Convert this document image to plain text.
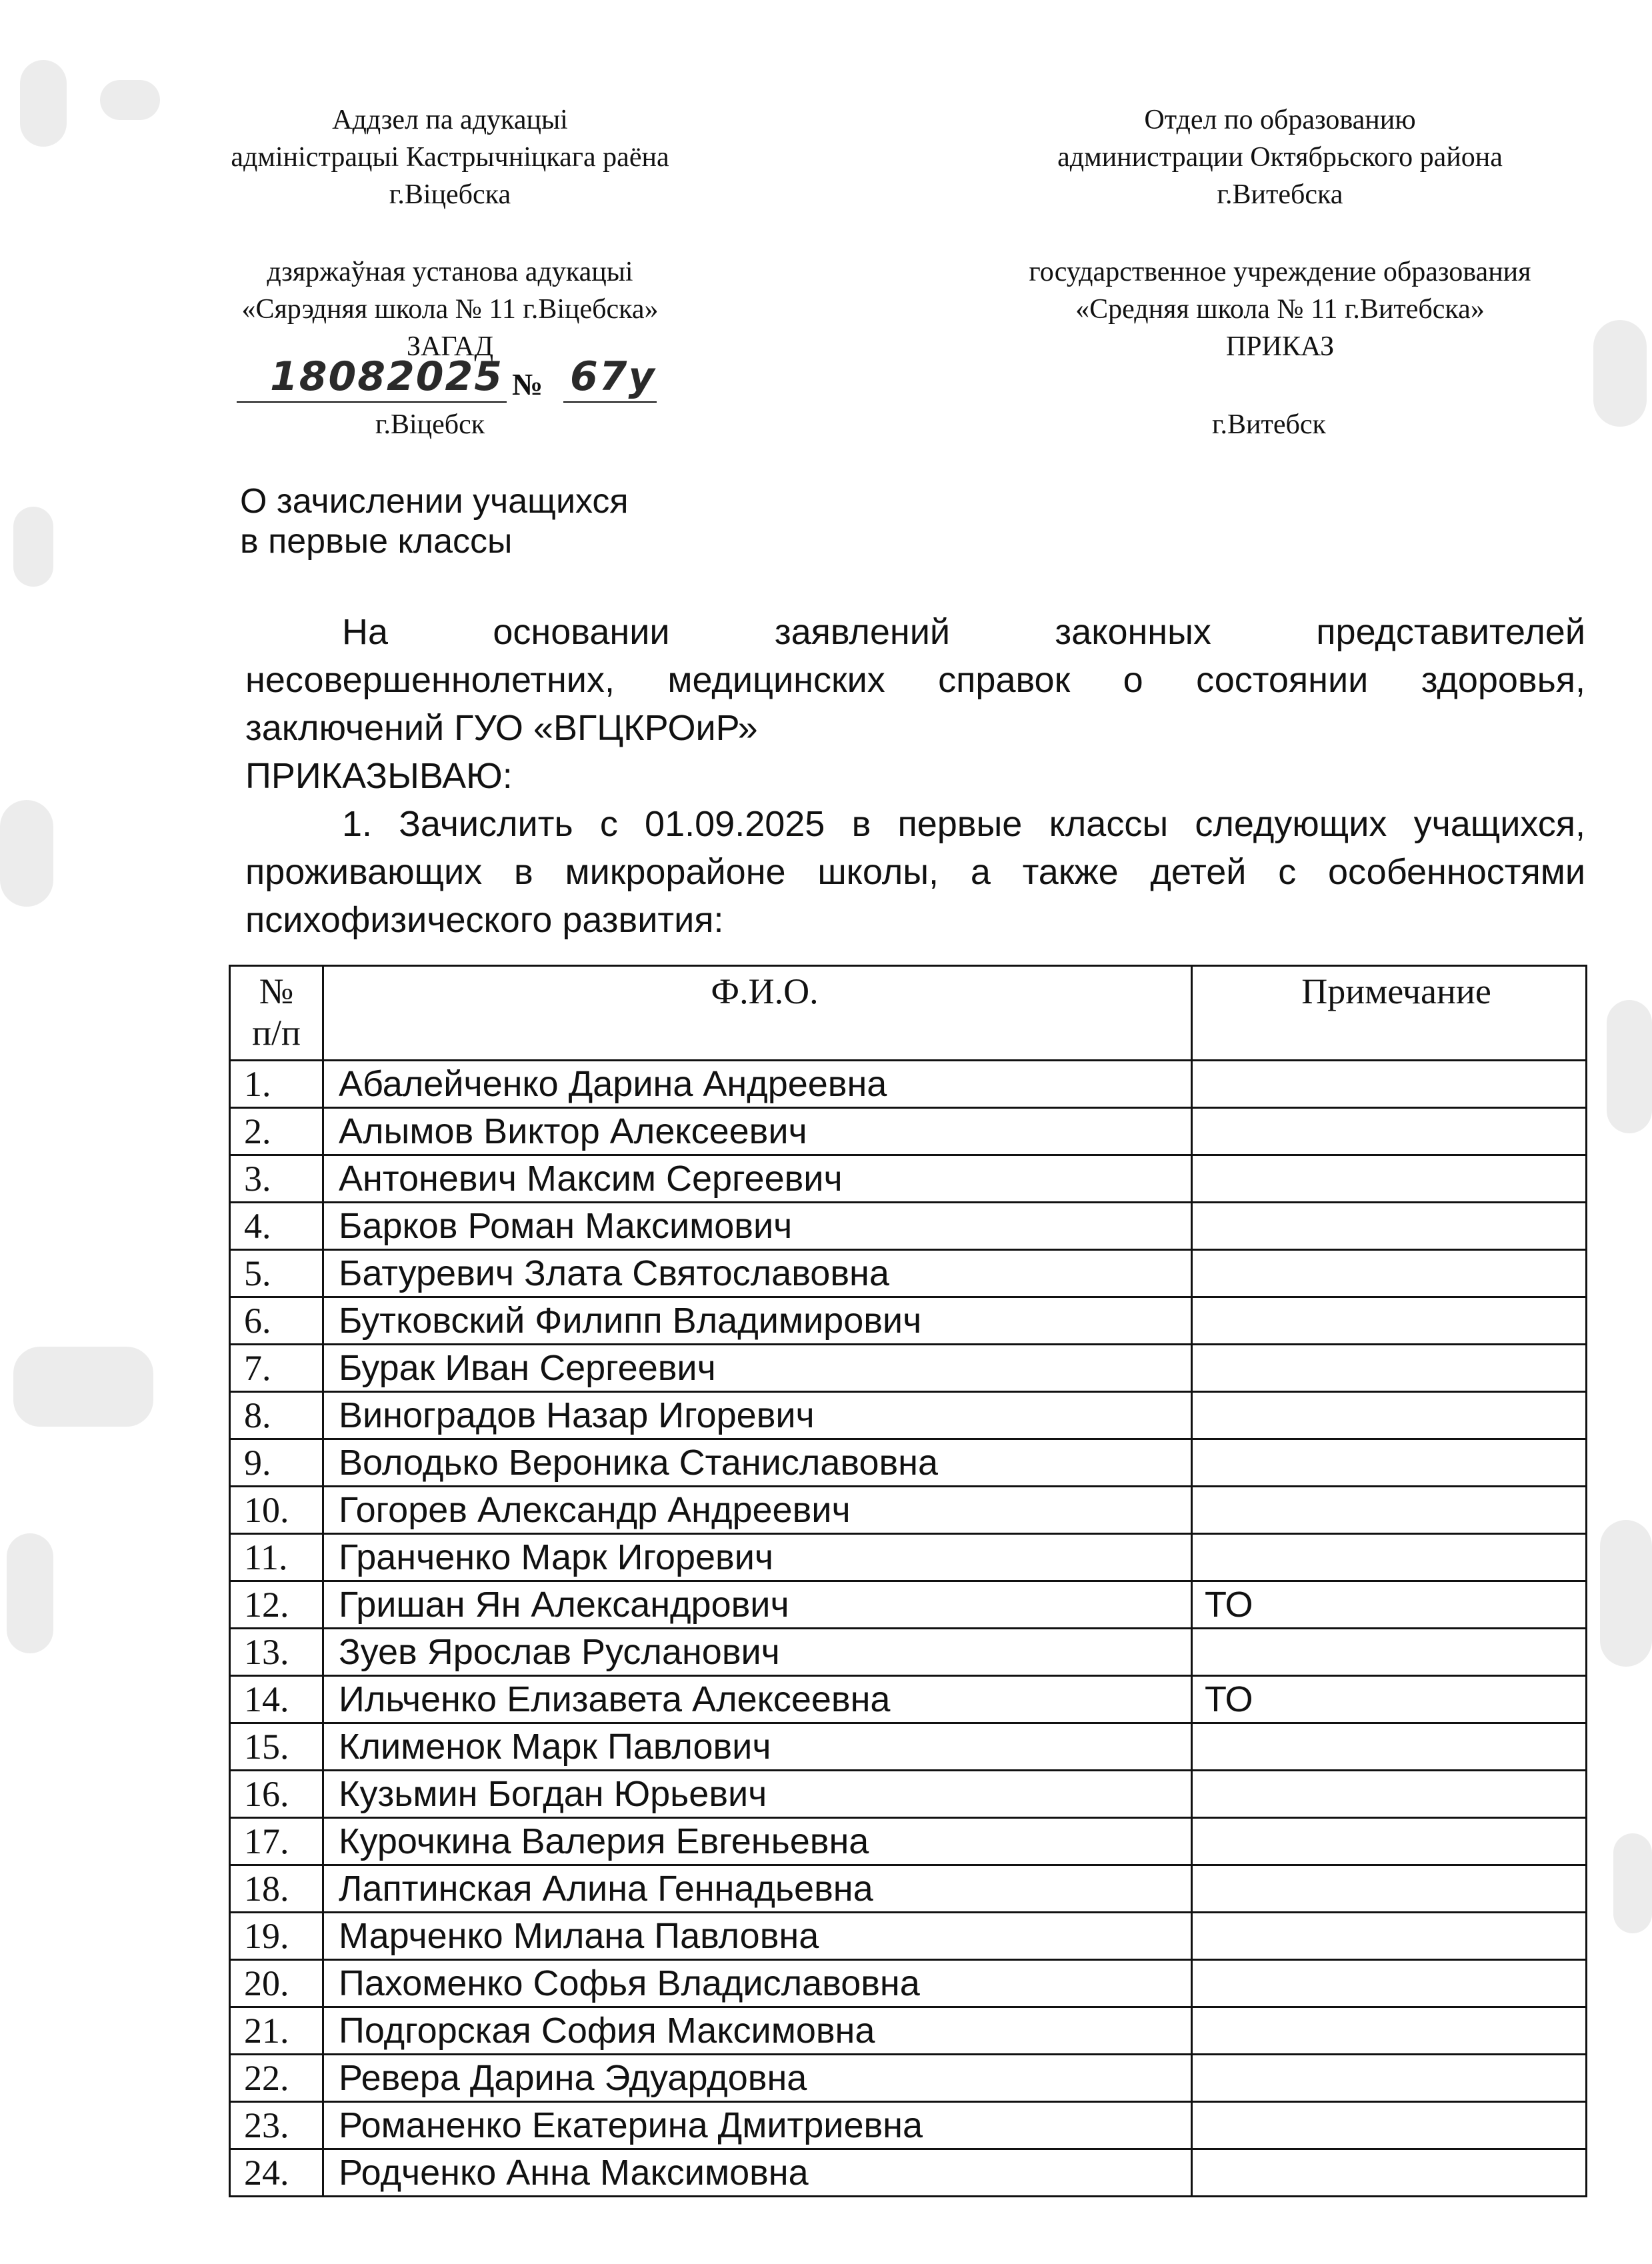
Аддзел па адукацыі
адміністрацыі Кастрычніцкага раёна
г.Віцебска
дзяржаўная установа адукацыі
«Сярэдняя школа № 11 г.Віцебска»
ЗАГАД
18082025 № 67у
г.Віцебск
Отдел по образованию
администрации Октябрьского района
г.Витебска
государственное учреждение образования
«Средняя школа № 11 г.Витебска»
ПРИКАЗ
г.Витебск
О зачислении учащихся
в первые классы
На основании заявлений законных представителей
несовершеннолетних, медицинских справок о состоянии здоровья,
заключений ГУО «ВГЦКРОиР»
ПРИКАЗЫВАЮ:
1. Зачислить с 01.09.2025 в первые классы следующих учащихся,
проживающих в микрорайоне школы, а также детей с особенностями
психофизического развития:
№
п/п	Ф.И.О.	Примечание
1.	Абалейченко Дарина Андреевна	
2.	Алымов Виктор Алексеевич	
3.	Антоневич Максим Сергеевич	
4.	Барков Роман Максимович	
5.	Батуревич Злата Святославовна	
6.	Бутковский Филипп Владимирович	
7.	Бурак Иван Сергеевич	
8.	Виноградов Назар Игоревич	
9.	Володько Вероника Станиславовна	
10.	Гогорев Александр Андреевич	
11.	Гранченко Марк Игоревич	
12.	Гришан Ян Александрович	ТО
13.	Зуев Ярослав Русланович	
14.	Ильченко Елизавета Алексеевна	ТО
15.	Клименок Марк Павлович	
16.	Кузьмин Богдан Юрьевич	
17.	Курочкина Валерия Евгеньевна	
18.	Лаптинская Алина Геннадьевна	
19.	Марченко Милана Павловна	
20.	Пахоменко Софья Владиславовна	
21.	Подгорская София Максимовна	
22.	Ревера Дарина Эдуардовна	
23.	Романенко Екатерина Дмитриевна	
24.	Родченко Анна Максимовна	
